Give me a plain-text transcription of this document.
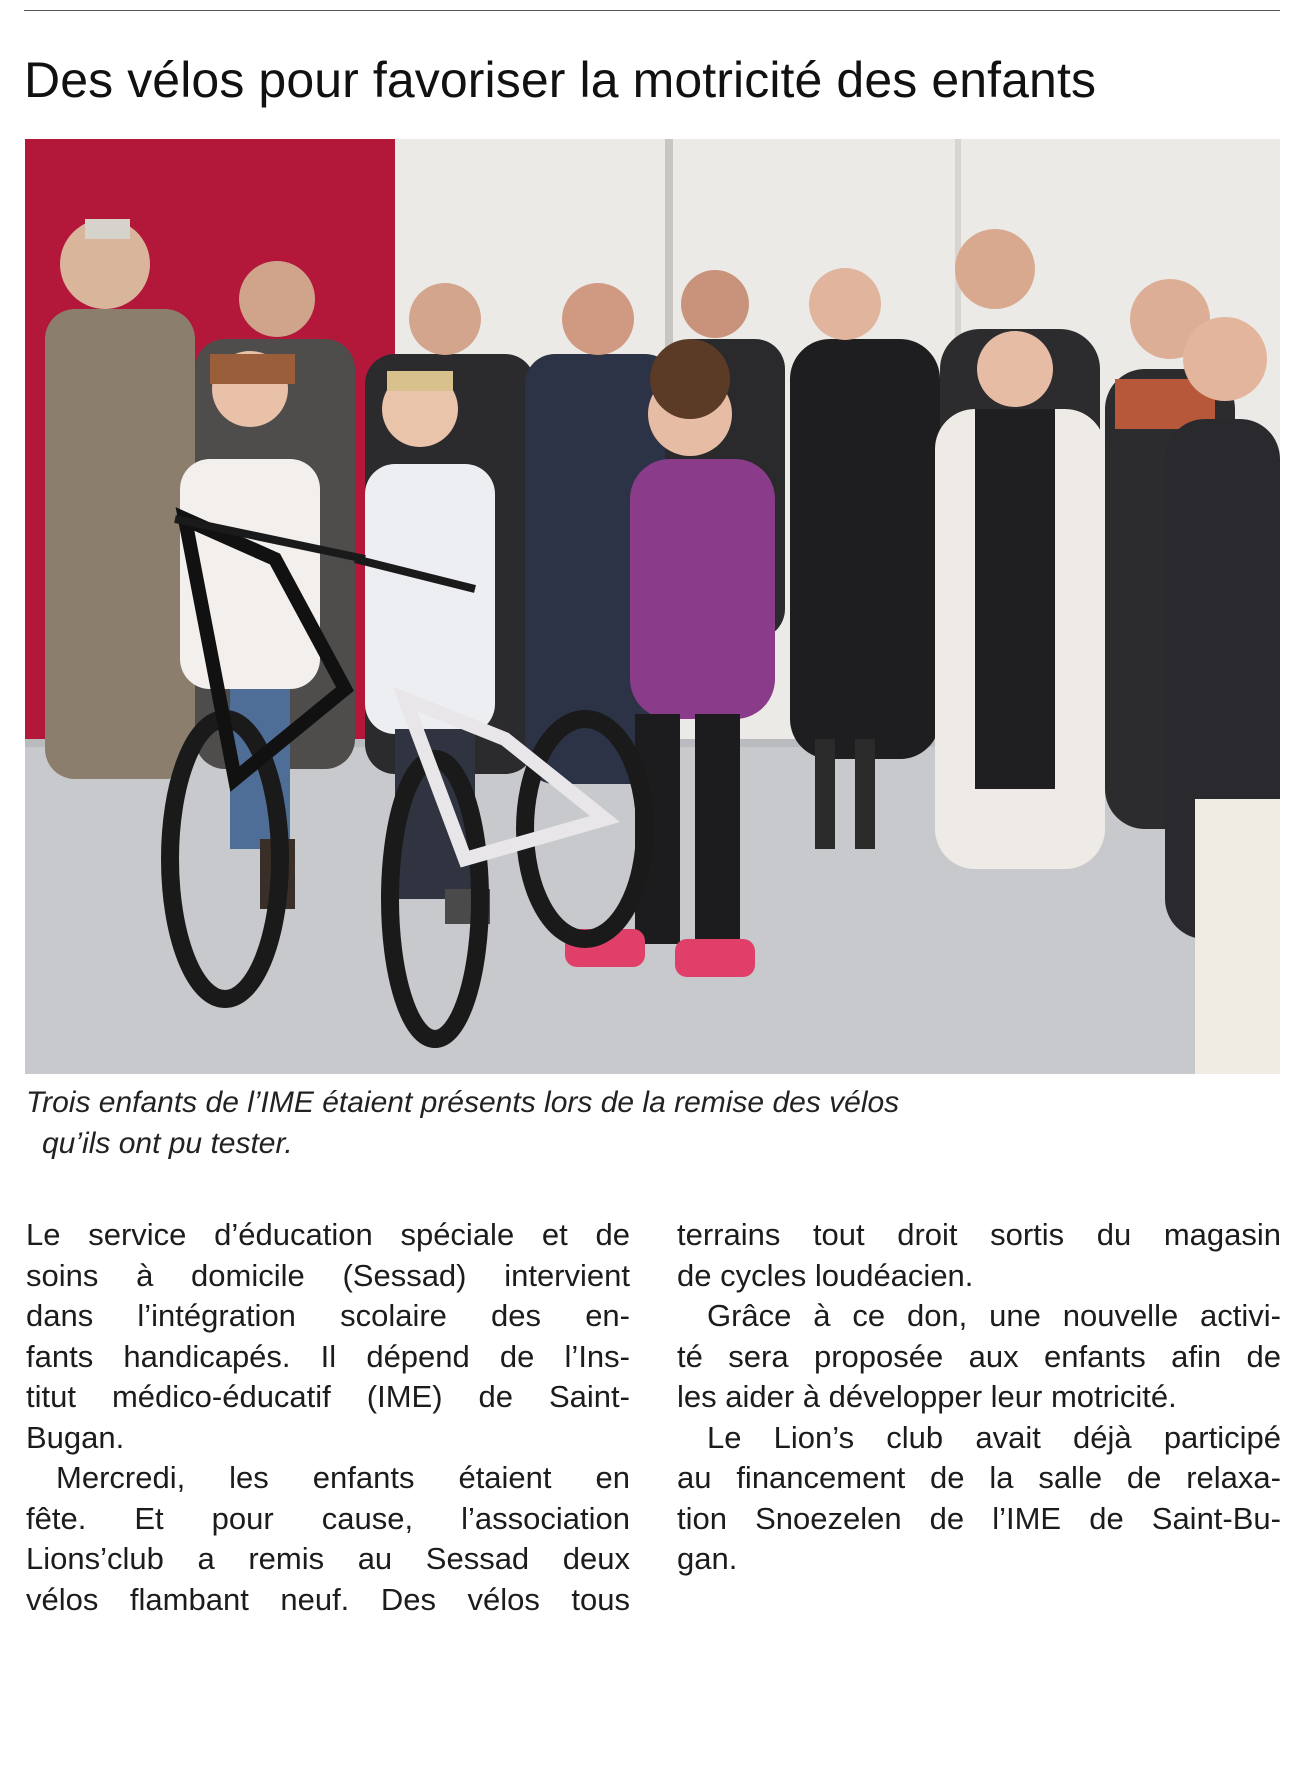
Des vélos pour favoriser la motricité des enfants
Trois enfants de l’IME étaient présents lors de la remise des vélos
qu’ils ont pu tester.
Le service d’éducation spéciale et de
soins à domicile (Sessad) intervient
dans l’intégration scolaire des en-
fants handicapés. Il dépend de l’Ins-
titut médico-éducatif (IME) de Saint-
Bugan.
Mercredi, les enfants étaient en
fête. Et pour cause, l’association
Lions’club a remis au Sessad deux
vélos flambant neuf. Des vélos tous
terrains tout droit sortis du magasin
de cycles loudéacien.
Grâce à ce don, une nouvelle activi-
té sera proposée aux enfants afin de
les aider à développer leur motricité.
Le Lion’s club avait déjà participé
au financement de la salle de relaxa-
tion Snoezelen de l’IME de Saint-Bu-
gan.
